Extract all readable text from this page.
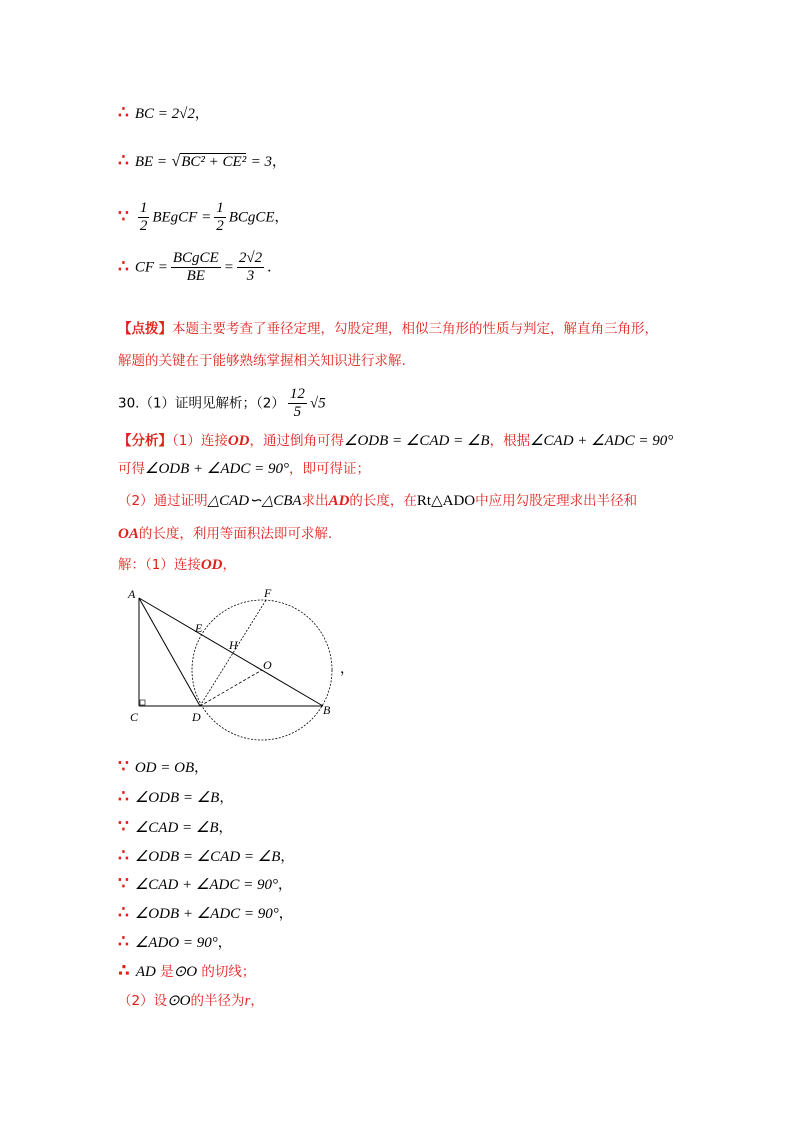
∴ BC = 2√2，
∴ BE = √BC² + CE² = 3，
∵ $\frac{1}{2}$ BEgCF = $\frac{1}{2}$ BCgCE，
∴ CF = $\frac{\text{BCgCE}}{BE} = \frac{2√2}{3}$ ．
【点拨】本题主要考查了垂径定理，勾股定理，相似三角形的性质与判定，解直角三角形，
解题的关键在于能够熟练掌握相关知识进行求解.
30.（1）证明见解析；$(2) \frac{12}{5} √5$
【分析】（1）连接OD，通过倒角可得∠ODB = ∠CAD = ∠B，根据∠CAD + ∠ADC = 90°
可得∠ODB + ∠ADC = 90°，即可得证；
（2）通过证明△CAD∽△CBA求出AD的长度，在Rt△ADO中应用勾股定理求出半径和
OA的长度，利用等面积法即可求解.
解：（1）连接OD，
A
C	D	B
E
F
H
O	，
∵ OD = OB，
∴ ∠ODB = ∠B，
∵ ∠CAD = ∠B，
∴ ∠ODB = ∠CAD = ∠B，
∵ ∠CAD + ∠ADC = 90°，
∴ ∠ODB + ∠ADC = 90°，
∴ ∠ADO = 90°，
∴ AD 是⊙O 的切线；
（2）设⊙O的半径为r，
